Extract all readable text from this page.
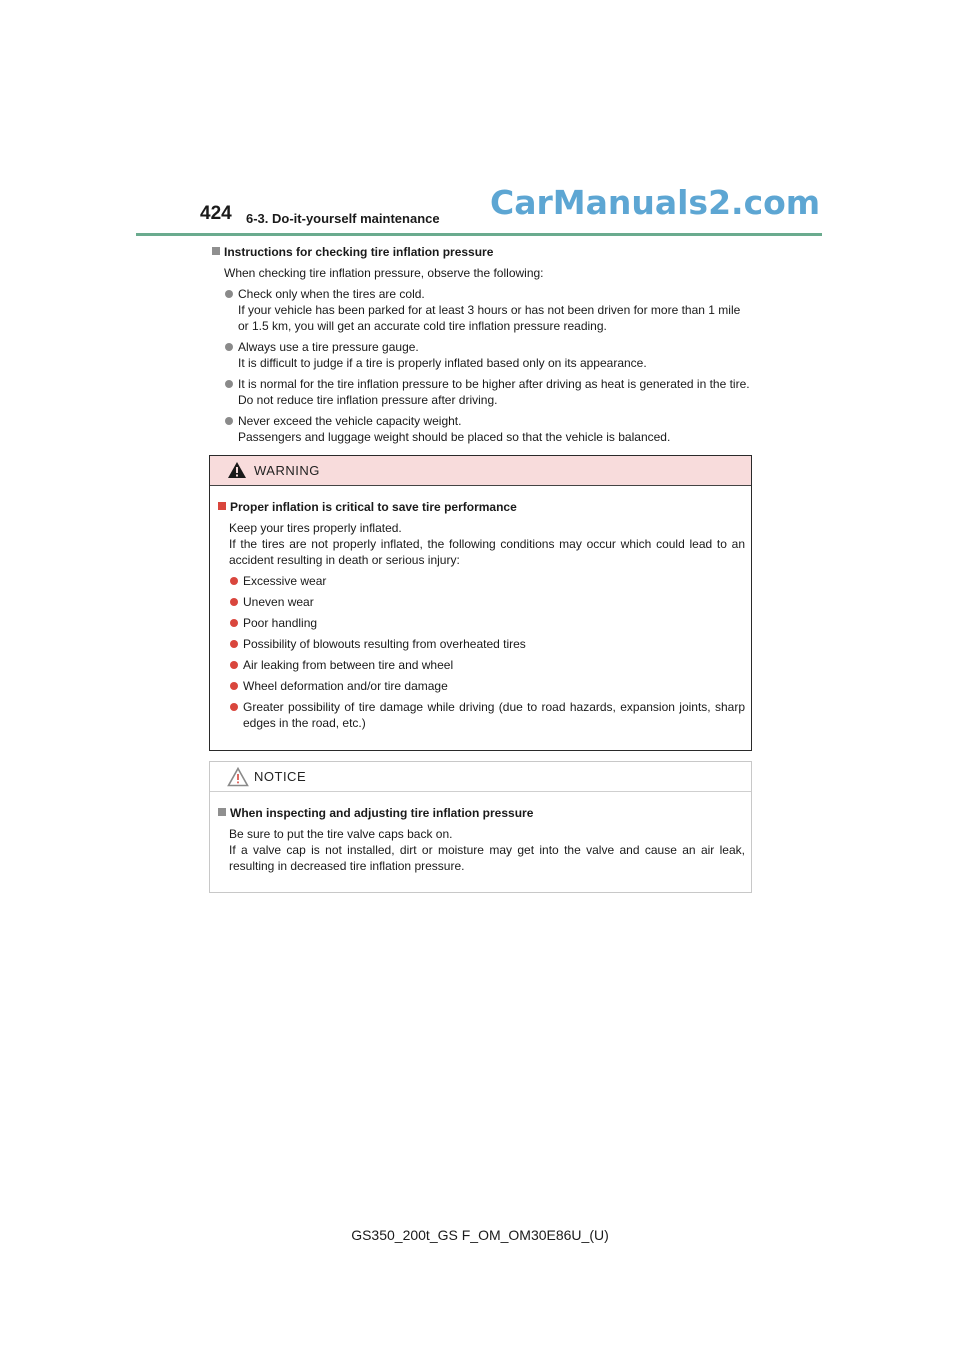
424 6-3. Do-it-yourself maintenance CarManuals2.com
Instructions for checking tire inflation pressure
When checking tire inflation pressure, observe the following:
Check only when the tires are cold.
If your vehicle has been parked for at least 3 hours or has not been driven for more than 1 mile or 1.5 km, you will get an accurate cold tire inflation pressure reading.
Always use a tire pressure gauge.
It is difficult to judge if a tire is properly inflated based only on its appearance.
It is normal for the tire inflation pressure to be higher after driving as heat is generated in the tire. Do not reduce tire inflation pressure after driving.
Never exceed the vehicle capacity weight.
Passengers and luggage weight should be placed so that the vehicle is balanced.
WARNING
Proper inflation is critical to save tire performance
Keep your tires properly inflated.
If the tires are not properly inflated, the following conditions may occur which could lead to an accident resulting in death or serious injury:
Excessive wear
Uneven wear
Poor handling
Possibility of blowouts resulting from overheated tires
Air leaking from between tire and wheel
Wheel deformation and/or tire damage
Greater possibility of tire damage while driving (due to road hazards, expansion joints, sharp edges in the road, etc.)
NOTICE
When inspecting and adjusting tire inflation pressure
Be sure to put the tire valve caps back on.
If a valve cap is not installed, dirt or moisture may get into the valve and cause an air leak, resulting in decreased tire inflation pressure.
GS350_200t_GS F_OM_OM30E86U_(U)
